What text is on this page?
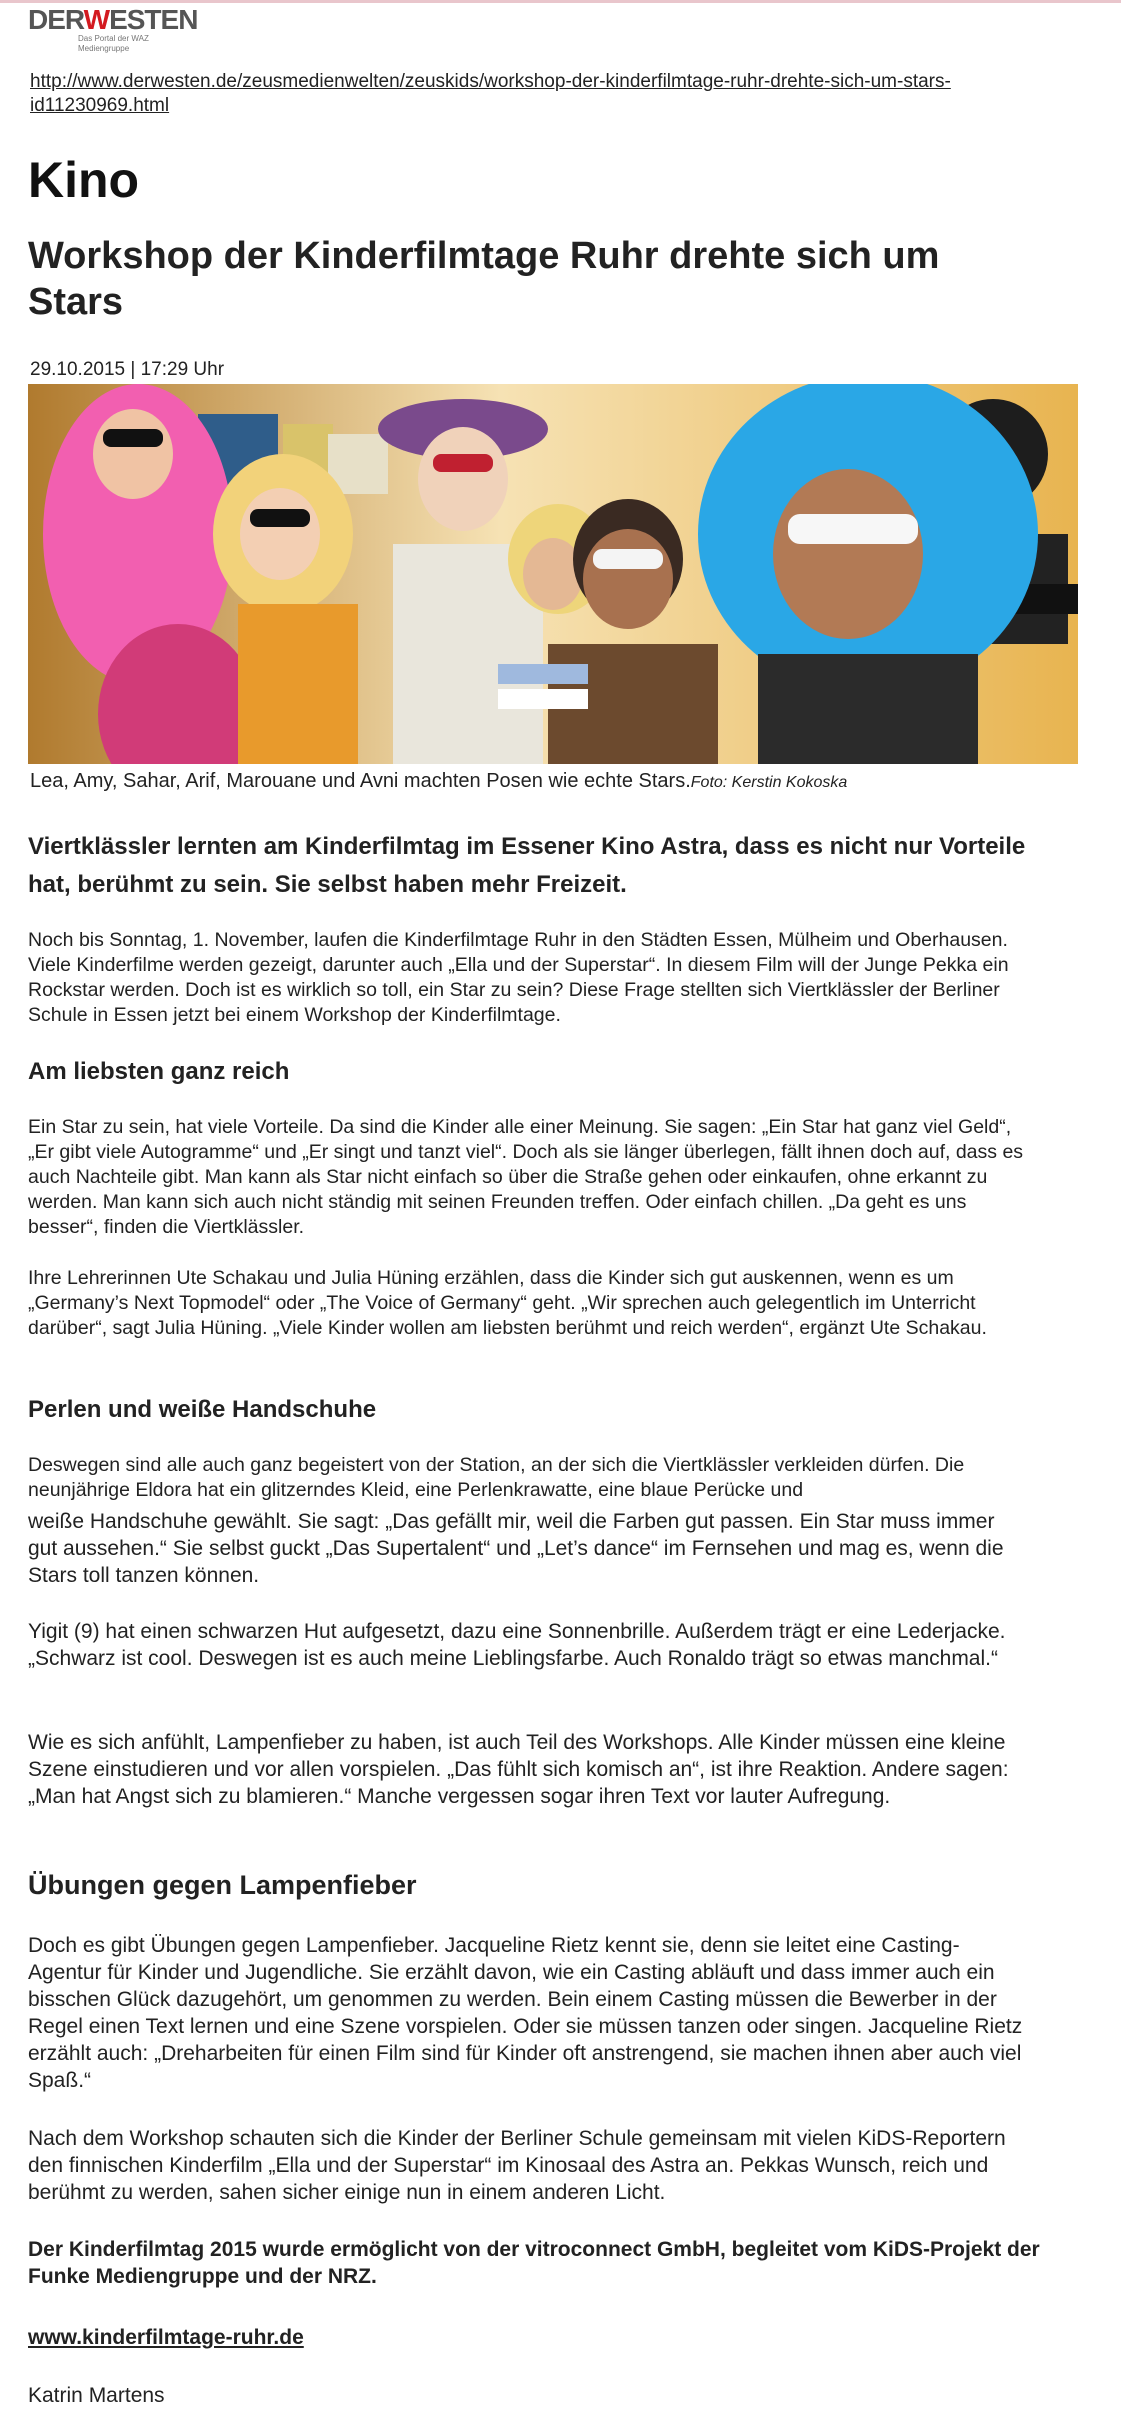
DERWESTEN
Das Portal der WAZ Mediengruppe
http://www.derwesten.de/zeusmedienwelten/zeuskids/workshop-der-kinderfilmtage-ruhr-drehte-sich-um-stars-id11230969.html
Kino
Workshop der Kinderfilmtage Ruhr drehte sich um Stars
29.10.2015 | 17:29 Uhr
Lea, Amy, Sahar, Arif, Marouane und Avni machten Posen wie echte Stars.Foto: Kerstin Kokoska

Viertklässler lernten am Kinderfilmtag im Essener Kino Astra, dass es nicht nur Vorteile hat, berühmt zu sein. Sie selbst haben mehr Freizeit.

Noch bis Sonntag, 1. November, laufen die Kinderfilmtage Ruhr in den Städten Essen, Mülheim und Oberhausen. Viele Kinderfilme werden gezeigt, darunter auch „Ella und der Superstar“. In diesem Film will der Junge Pekka ein Rockstar werden. Doch ist es wirklich so toll, ein Star zu sein? Diese Frage stellten sich Viertklässler der Berliner Schule in Essen jetzt bei einem Workshop der Kinderfilmtage.

Am liebsten ganz reich

Ein Star zu sein, hat viele Vorteile. Da sind die Kinder alle einer Meinung. Sie sagen: „Ein Star hat ganz viel Geld“, „Er gibt viele Autogramme“ und „Er singt und tanzt viel“. Doch als sie länger überlegen, fällt ihnen doch auf, dass es auch Nachteile gibt. Man kann als Star nicht einfach so über die Straße gehen oder einkaufen, ohne erkannt zu werden. Man kann sich auch nicht ständig mit seinen Freunden treffen. Oder einfach chillen. „Da geht es uns besser“, finden die Viertklässler.

Ihre Lehrerinnen Ute Schakau und Julia Hüning erzählen, dass die Kinder sich gut auskennen, wenn es um „Germany’s Next Topmodel“ oder „The Voice of Germany“ geht. „Wir sprechen auch gelegentlich im Unterricht darüber“, sagt Julia Hüning. „Viele Kinder wollen am liebsten berühmt und reich werden“, ergänzt Ute Schakau.

Perlen und weiße Handschuhe

Deswegen sind alle auch ganz begeistert von der Station, an der sich die Viertklässler verkleiden dürfen. Die neunjährige Eldora hat ein glitzerndes Kleid, eine Perlenkrawatte, eine blaue Perücke und

weiße Handschuhe gewählt. Sie sagt: „Das gefällt mir, weil die Farben gut passen. Ein Star muss immer gut aussehen.“ Sie selbst guckt „Das Supertalent“ und „Let’s dance“ im Fernsehen und mag es, wenn die Stars toll tanzen können.

Yigit (9) hat einen schwarzen Hut aufgesetzt, dazu eine Sonnenbrille. Außerdem trägt er eine Lederjacke. „Schwarz ist cool. Deswegen ist es auch meine Lieblingsfarbe. Auch Ronaldo trägt so etwas manchmal.“

Wie es sich anfühlt, Lampenfieber zu haben, ist auch Teil des Workshops. Alle Kinder müssen eine kleine Szene einstudieren und vor allen vorspielen. „Das fühlt sich komisch an“, ist ihre Reaktion. Andere sagen: „Man hat Angst sich zu blamieren.“ Manche vergessen sogar ihren Text vor lauter Aufregung.

Übungen gegen Lampenfieber

Doch es gibt Übungen gegen Lampenfieber. Jacqueline Rietz kennt sie, denn sie leitet eine Casting-Agentur für Kinder und Jugendliche. Sie erzählt davon, wie ein Casting abläuft und dass immer auch ein bisschen Glück dazugehört, um genommen zu werden. Bein einem Casting müssen die Bewerber in der Regel einen Text lernen und eine Szene vorspielen. Oder sie müssen tanzen oder singen. Jacqueline Rietz erzählt auch: „Dreharbeiten für einen Film sind für Kinder oft anstrengend, sie machen ihnen aber auch viel Spaß.“

Nach dem Workshop schauten sich die Kinder der Berliner Schule gemeinsam mit vielen KiDS-Reportern den finnischen Kinderfilm „Ella und der Superstar“ im Kinosaal des Astra an. Pekkas Wunsch, reich und berühmt zu werden, sahen sicher einige nun in einem anderen Licht.

Der Kinderfilmtag 2015 wurde ermöglicht von der vitroconnect GmbH, begleitet vom KiDS-Projekt der Funke Mediengruppe und der NRZ.

www.kinderfilmtage-ruhr.de
Katrin Martens
